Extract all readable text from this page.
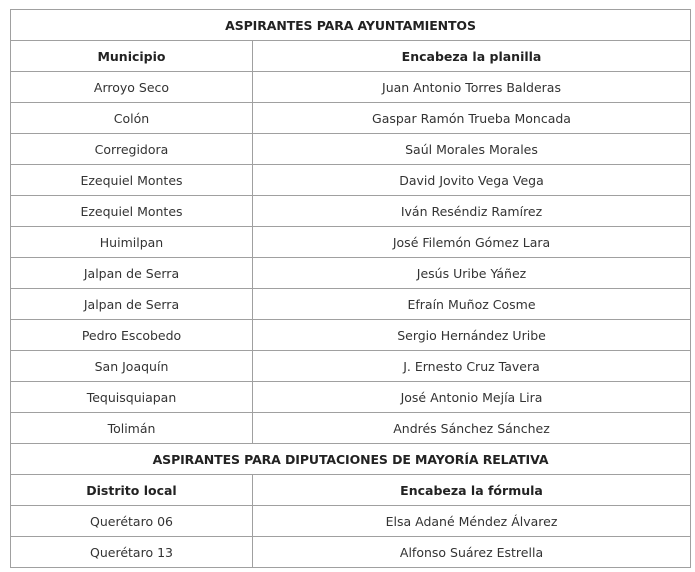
ASPIRANTES PARA AYUNTAMIENTOS	
Municipio	Encabeza la planilla
Arroyo Seco	Juan Antonio Torres Balderas
Colón	Gaspar Ramón Trueba Moncada
Corregidora	Saúl Morales Morales
Ezequiel Montes	David Jovito Vega Vega
Ezequiel Montes	Iván Reséndiz Ramírez
Huimilpan	José Filemón Gómez Lara
Jalpan de Serra	Jesús Uribe Yáñez
Jalpan de Serra	Efraín Muñoz Cosme
Pedro Escobedo	Sergio Hernández Uribe
San Joaquín	J. Ernesto Cruz Tavera
Tequisquiapan	José Antonio Mejía Lira
Tolimán	Andrés Sánchez Sánchez
ASPIRANTES PARA DIPUTACIONES DE MAYORÍA RELATIVA	
Distrito local	Encabeza la fórmula
Querétaro 06	Elsa Adané Méndez Álvarez
Querétaro 13	Alfonso Suárez Estrella
